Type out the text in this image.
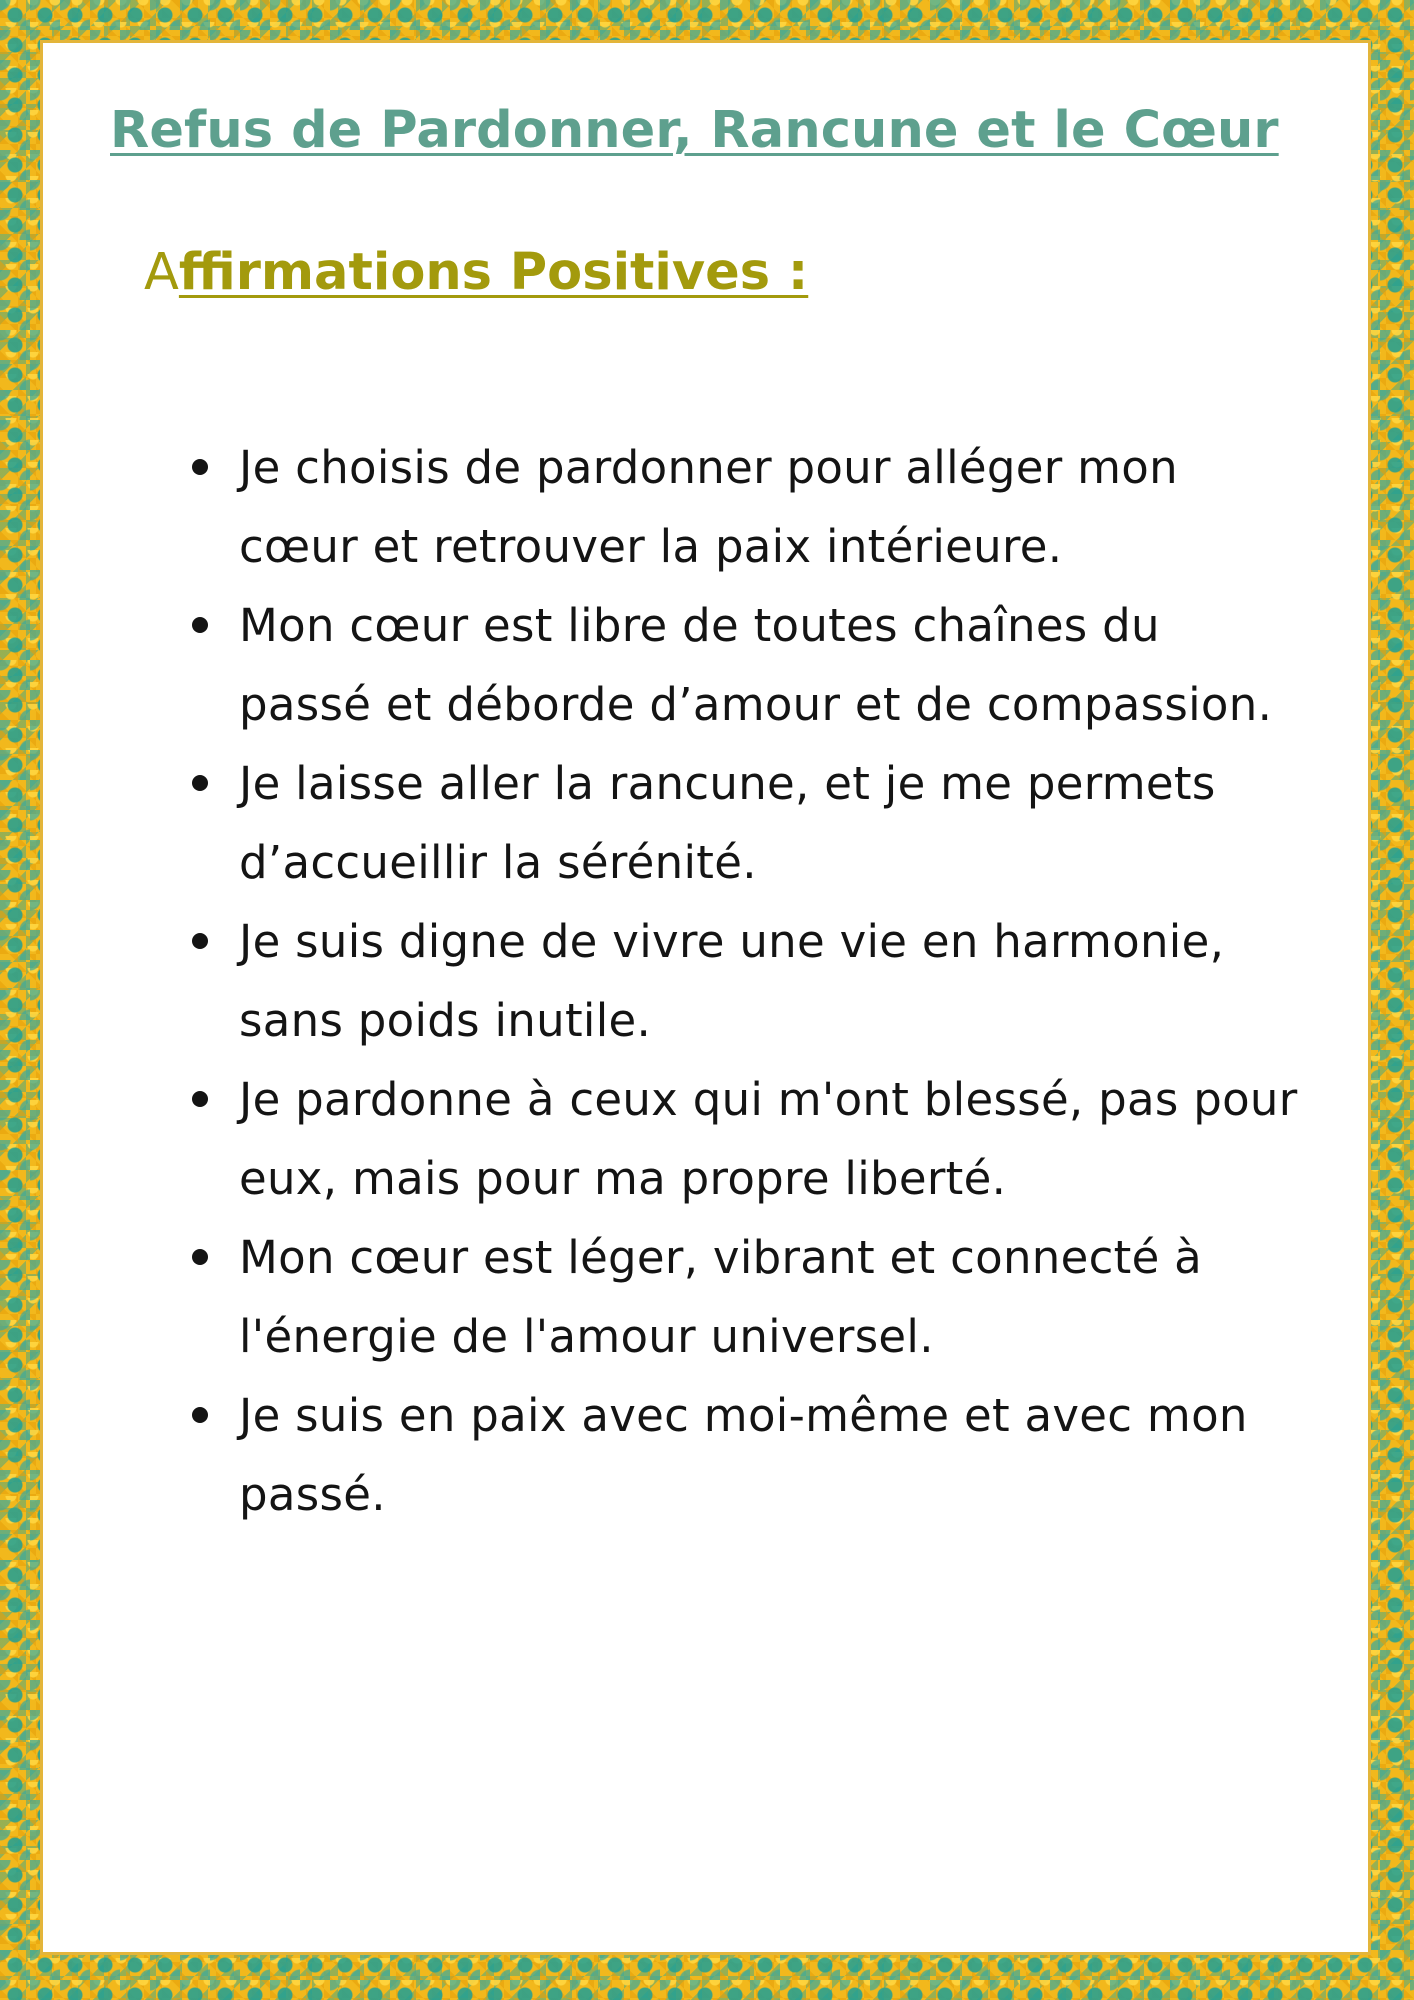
Refus de Pardonner, Rancune et le Cœur
Affirmations Positives :
Je choisis de pardonner pour alléger mon cœur et retrouver la paix intérieure.
Mon cœur est libre de toutes chaînes du passé et déborde d’amour et de compassion.
Je laisse aller la rancune, et je me permets d’accueillir la sérénité.
Je suis digne de vivre une vie en harmonie, sans poids inutile.
Je pardonne à ceux qui m'ont blessé, pas pour eux, mais pour ma propre liberté.
Mon cœur est léger, vibrant et connecté à l'énergie de l'amour universel.
Je suis en paix avec moi-même et avec mon passé.
